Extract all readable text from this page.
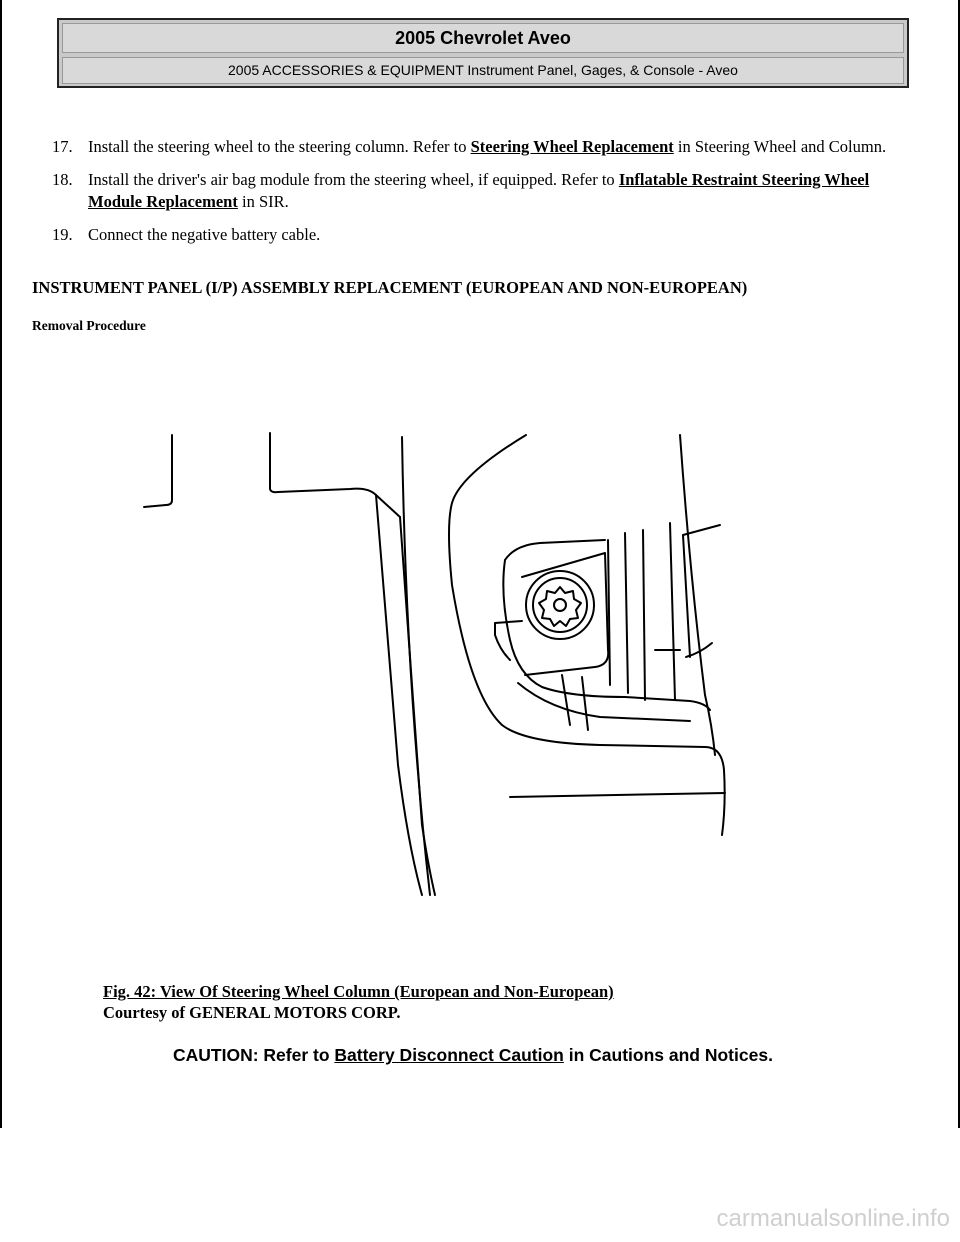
2005 Chevrolet Aveo
2005 ACCESSORIES & EQUIPMENT Instrument Panel, Gages, & Console - Aveo
17. Install the steering wheel to the steering column. Refer to Steering Wheel Replacement in Steering Wheel and Column.
18. Install the driver's air bag module from the steering wheel, if equipped. Refer to Inflatable Restraint Steering Wheel Module Replacement in SIR.
19. Connect the negative battery cable.
INSTRUMENT PANEL (I/P) ASSEMBLY REPLACEMENT (EUROPEAN AND NON-EUROPEAN)
Removal Procedure
Fig. 42: View Of Steering Wheel Column (European and Non-European)
Courtesy of GENERAL MOTORS CORP.
CAUTION: Refer to Battery Disconnect Caution in Cautions and Notices.
carmanualsonline.info
